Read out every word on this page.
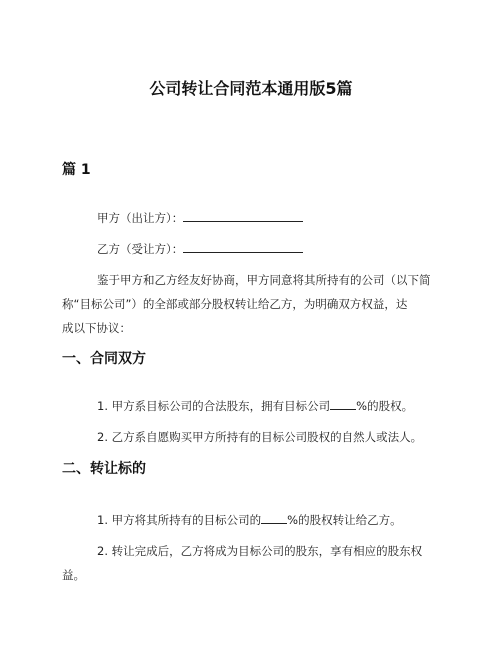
公司转让合同范本通用版5篇
篇 1
甲方（出让方）：
乙方（受让方）：
鉴于甲方和乙方经友好协商，甲方同意将其所持有的公司（以下简
称“目标公司”）的全部或部分股权转让给乙方，为明确双方权益，达
成以下协议：
一、合同双方
1. 甲方系目标公司的合法股东，拥有目标公司 %的股权。
2. 乙方系自愿购买甲方所持有的目标公司股权的自然人或法人。
二、转让标的
1. 甲方将其所持有的目标公司的 %的股权转让给乙方。
2. 转让完成后，乙方将成为目标公司的股东，享有相应的股东权
益。
